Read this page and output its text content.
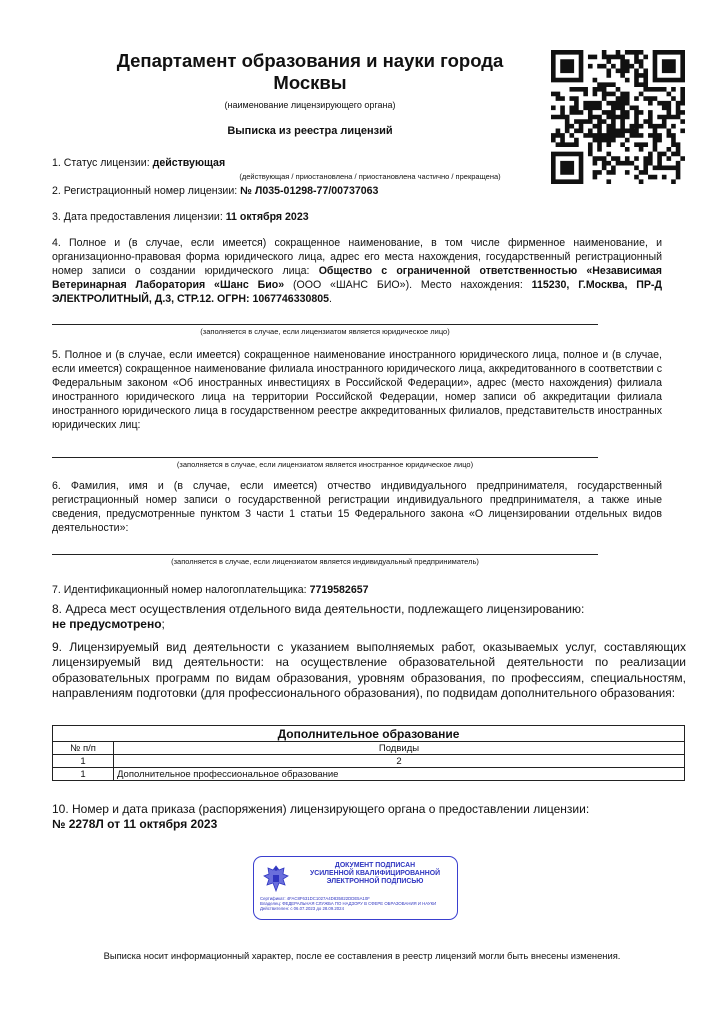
Департамент образования и науки города
Москвы
(наименование лицензирующего органа)
Выписка из реестра лицензий
1. Статус лицензии: действующая
(действующая / приостановлена / приостановлена частично / прекращена)
2. Регистрационный номер лицензии: № Л035-01298-77/00737063
3. Дата предоставления лицензии: 11 октября 2023
4. Полное и (в случае, если имеется) сокращенное наименование, в том числе фирменное наименование, и организационно-правовая форма юридического лица, адрес его места нахождения, государственный регистрационный номер записи о создании юридического лица: Общество с ограниченной ответственностью «Независимая Ветеринарная Лаборатория «Шанс Био» (ООО «ШАНС БИО»). Место нахождения: 115230, Г.Москва, ПР-Д ЭЛЕКТРОЛИТНЫЙ, Д.3, СТР.12. ОГРН: 1067746330805.
(заполняется в случае, если лицензиатом является юридическое лицо)
5. Полное и (в случае, если имеется) сокращенное наименование иностранного юридического лица, полное и (в случае, если имеется) сокращенное наименование филиала иностранного юридического лица, аккредитованного в соответствии с Федеральным законом «Об иностранных инвестициях в Российской Федерации», адрес (место нахождения) филиала иностранного юридического лица на территории Российской Федерации, номер записи об аккредитации филиала иностранного юридического лица в государственном реестре аккредитованных филиалов, представительств иностранных юридических лиц:
(заполняется в случае, если лицензиатом является иностранное юридическое лицо)
6. Фамилия, имя и (в случае, если имеется) отчество индивидуального предпринимателя, государственный регистрационный номер записи о государственной регистрации индивидуального предпринимателя, а также иные сведения, предусмотренные пунктом 3 части 1 статьи 15 Федерального закона «О лицензировании отдельных видов деятельности»:
(заполняется в случае, если лицензиатом является индивидуальный предприниматель)
7. Идентификационный номер налогоплательщика: 7719582657
8. Адреса мест осуществления отдельного вида деятельности, подлежащего лицензированию:
не предусмотрено;
9. Лицензируемый вид деятельности с указанием выполняемых работ, оказываемых услуг, составляющих лицензируемый вид деятельности: на осуществление образовательной деятельности по реализации образовательных программ по видам образования, уровням образования, по профессиям, специальностям, направлениям подготовки (для профессионального образования), по подвидам дополнительного образования:
Дополнительное образование	
№ п/п	Подвиды
1	2
1	Дополнительное профессиональное образование
10. Номер и дата приказа (распоряжения) лицензирующего органа о предоставлении лицензии:
№ 2278Л от 11 октября 2023
ДОКУМЕНТ ПОДПИСАН
УСИЛЕННОЙ КВАЛИФИЦИРОВАННОЙ
ЭЛЕКТРОННОЙ ПОДПИСЬЮ
Сертификат: 4FAC8F631DC1027A4D835822DDE5A10F
Владелец: ФЕДЕРАЛЬНАЯ СЛУЖБА ПО НАДЗОРУ В СФЕРЕ ОБРАЗОВАНИЯ И НАУКИ
Действителен: с 06.07.2023 до 28.09.2024
Выписка носит информационный характер, после ее составления в реестр лицензий могли быть внесены изменения.
